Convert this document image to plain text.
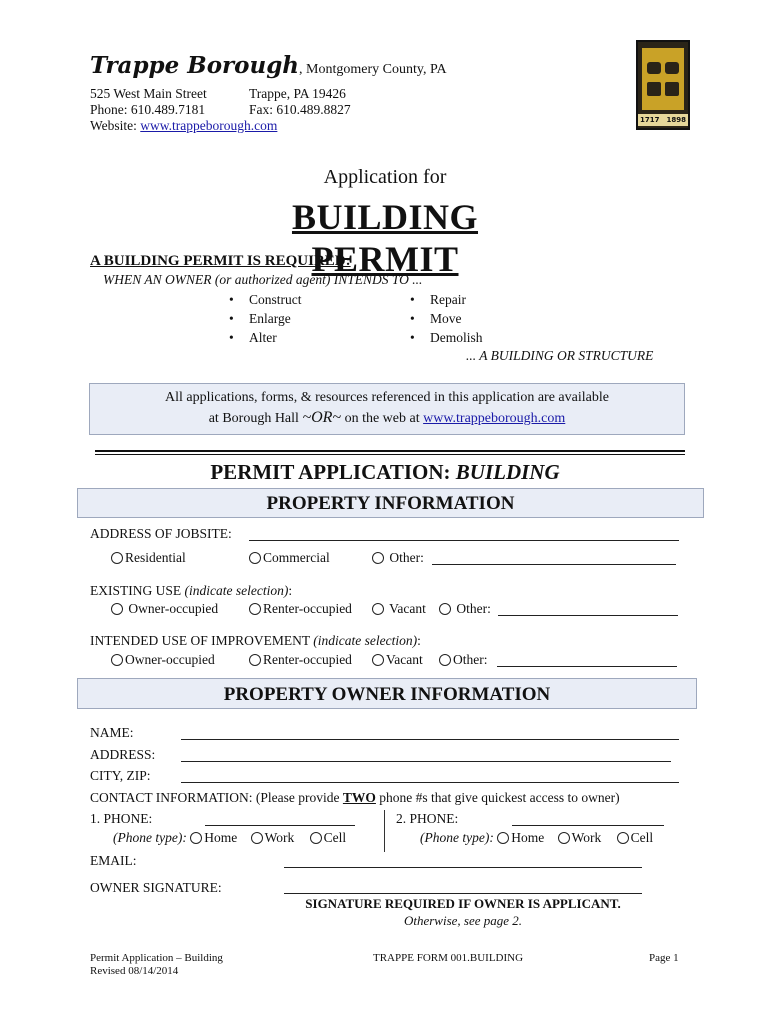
Trappe Borough, Montgomery County, PA
525 West Main Street	Trappe, PA 19426
Phone: 610.489.7181	Fax: 610.489.8827
Website: www.trappeborough.com	1717 1898
Application for
BUILDING PERMIT
A BUILDING PERMIT IS REQUIRED:
WHEN AN OWNER (or authorized agent) INTENDS TO ...
• Construct
• Enlarge
• Alter
• Repair
• Move
• Demolish
... A BUILDING OR STRUCTURE
All applications, forms, & resources referenced in this application are available
at Borough Hall ~OR~ on the web at www.trappeborough.com
PERMIT APPLICATION: BUILDING
PROPERTY INFORMATION
ADDRESS OF JOBSITE:
Residential	Commercial	Other:
EXISTING USE (indicate selection):
Owner-occupied	Renter-occupied	Vacant	Other:
INTENDED USE OF IMPROVEMENT (indicate selection):
Owner-occupied	Renter-occupied	Vacant	Other:
PROPERTY OWNER INFORMATION
NAME:
ADDRESS:
CITY, ZIP:
CONTACT INFORMATION: (Please provide TWO phone #s that give quickest access to owner)
1. PHONE:
(Phone type): Home Work Cell
2. PHONE:
(Phone type): Home Work Cell
EMAIL:
OWNER SIGNATURE:
SIGNATURE REQUIRED IF OWNER IS APPLICANT.
Otherwise, see page 2.
Permit Application – Building
Revised 08/14/2014
TRAPPE FORM 001.BUILDING	Page 1
